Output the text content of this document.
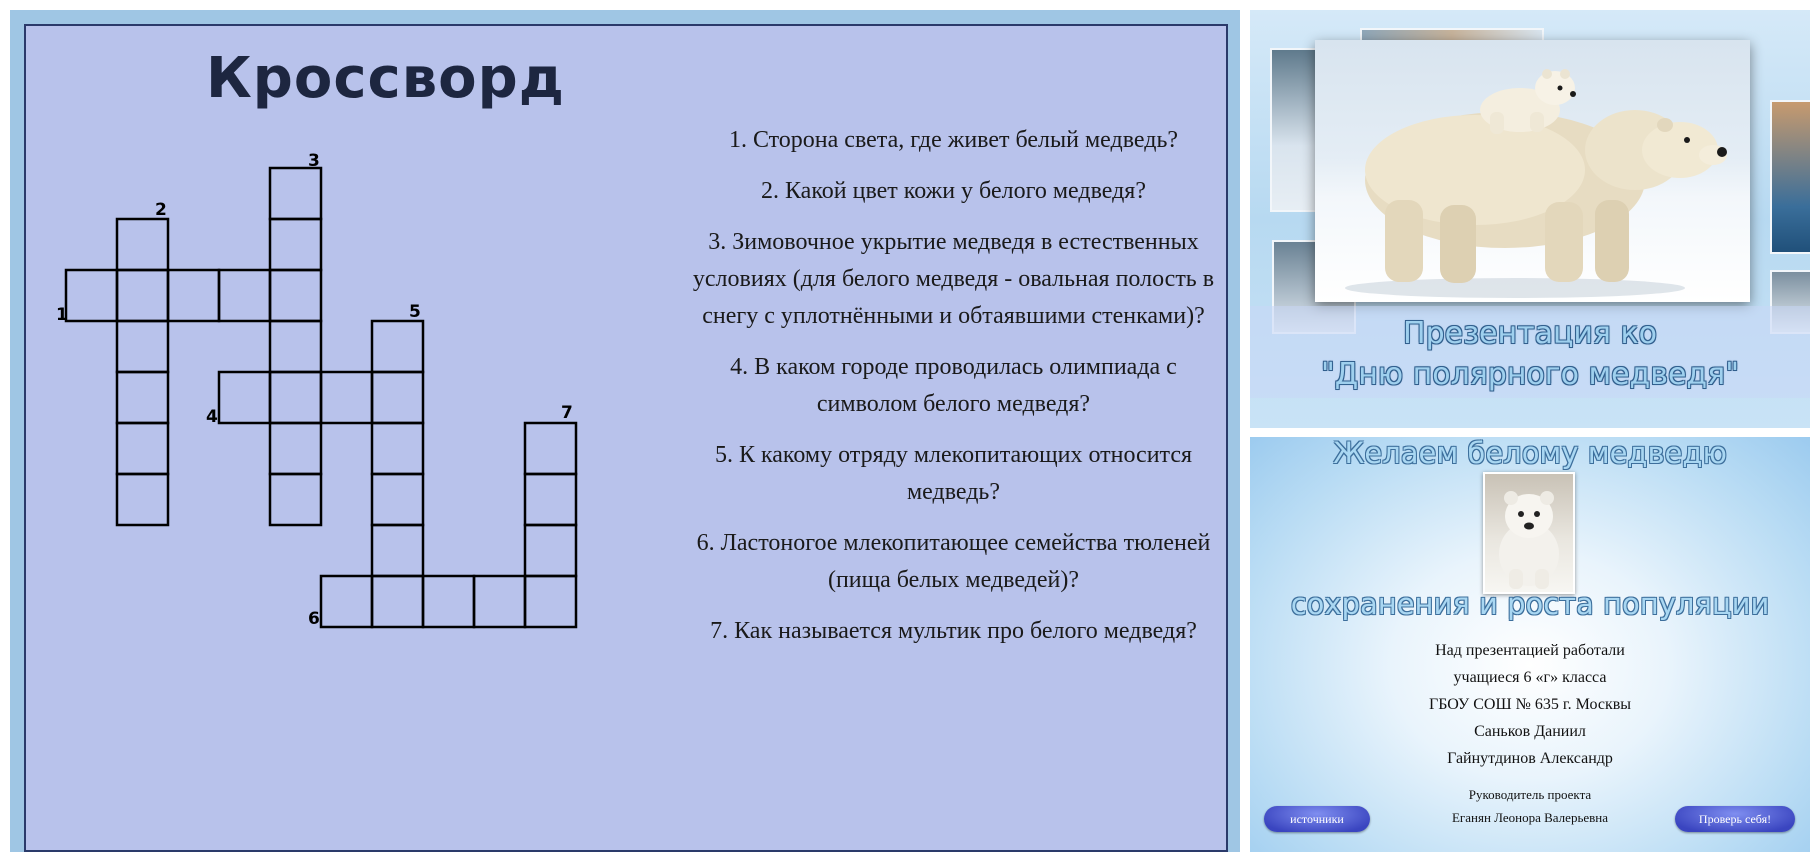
Кроссворд
1
2
3
4
5
6
7
1. Сторона света, где живет белый медведь?
2. Какой цвет кожи у белого медведя?
3. Зимовочное укрытие медведя в естественных условиях (для белого медведя - овальная полость в снегу с уплотнёнными и обтаявшими стенками)?
4. В каком городе проводилась олимпиада с символом белого медведя?
5. К какому отряду млекопитающих относится медведь?
6. Ластоногое млекопитающее семейства тюленей (пища белых медведей)?
7. Как называется мультик про белого медведя?
Презентация ко
"Дню полярного медведя"
Желаем белому медведю
сохранения и роста популяции
Над презентацией работали
учащиеся 6 «г» класса
ГБОУ СОШ № 635 г. Москвы
Саньков Даниил
Гайнутдинов Александр
Руководитель проекта
Еганян Леонора Валерьевна
источники	Проверь себя!
